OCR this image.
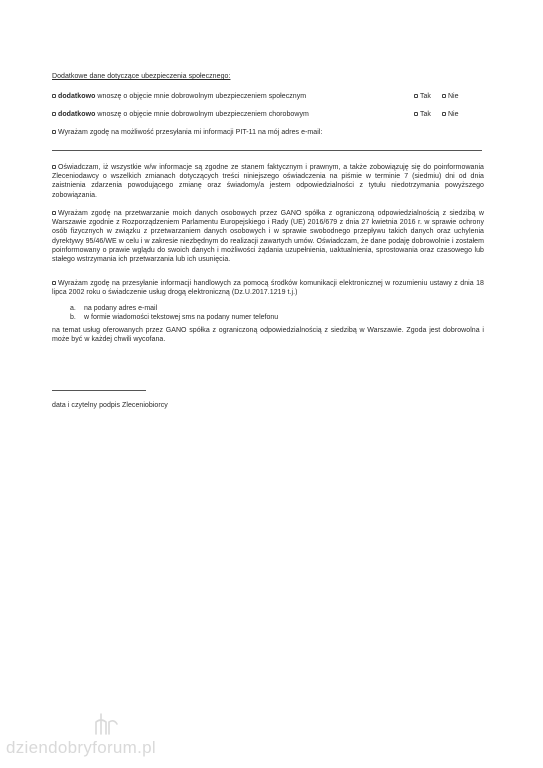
Dodatkowe dane dotyczące ubezpieczenia społecznego:
dodatkowo wnoszę o objęcie mnie dobrowolnym ubezpieczeniem społecznym	Tak	Nie
dodatkowo wnoszę o objęcie mnie dobrowolnym ubezpieczeniem chorobowym	Tak	Nie
Wyrażam zgodę na możliwość przesyłania mi informacji PIT-11 na mój adres e-mail:
Oświadczam, iż wszystkie w/w informacje są zgodne ze stanem faktycznym i prawnym, a także zobowiązuję się do poinformowania Zleceniodawcy o wszelkich zmianach dotyczących treści niniejszego oświadczenia na piśmie w terminie 7 (siedmiu) dni od dnia zaistnienia zdarzenia powodującego zmianę oraz świadomy/a jestem odpowiedzialności z tytułu niedotrzymania powyższego zobowiązania.
Wyrażam zgodę na przetwarzanie moich danych osobowych przez GANO spółka z ograniczoną odpowiedzialnością z siedzibą w Warszawie zgodnie z Rozporządzeniem Parlamentu Europejskiego i Rady (UE) 2016/679 z dnia 27 kwietnia 2016 r. w sprawie ochrony osób fizycznych w związku z przetwarzaniem danych osobowych i w sprawie swobodnego przepływu takich danych oraz uchylenia dyrektywy 95/46/WE w celu i w zakresie niezbędnym do realizacji zawartych umów. Oświadczam, że dane podaję dobrowolnie i zostałem poinformowany o prawie wglądu do swoich danych i możliwości żądania uzupełnienia, uaktualnienia, sprostowania oraz czasowego lub stałego wstrzymania ich przetwarzania lub ich usunięcia.
Wyrażam zgodę na przesyłanie informacji handlowych za pomocą środków komunikacji elektronicznej w rozumieniu ustawy z dnia 18 lipca 2002 roku o świadczenie usług drogą elektroniczną (Dz.U.2017.1219 t.j.)
a. na podany adres e-mail
b. w formie wiadomości tekstowej sms na podany numer telefonu
na temat usług oferowanych przez GANO spółka z ograniczoną odpowiedzialnością z siedzibą w Warszawie. Zgoda jest dobrowolna i może być w każdej chwili wycofana.
data i czytelny podpis Zleceniobiorcy
dziendobryforum.pl
